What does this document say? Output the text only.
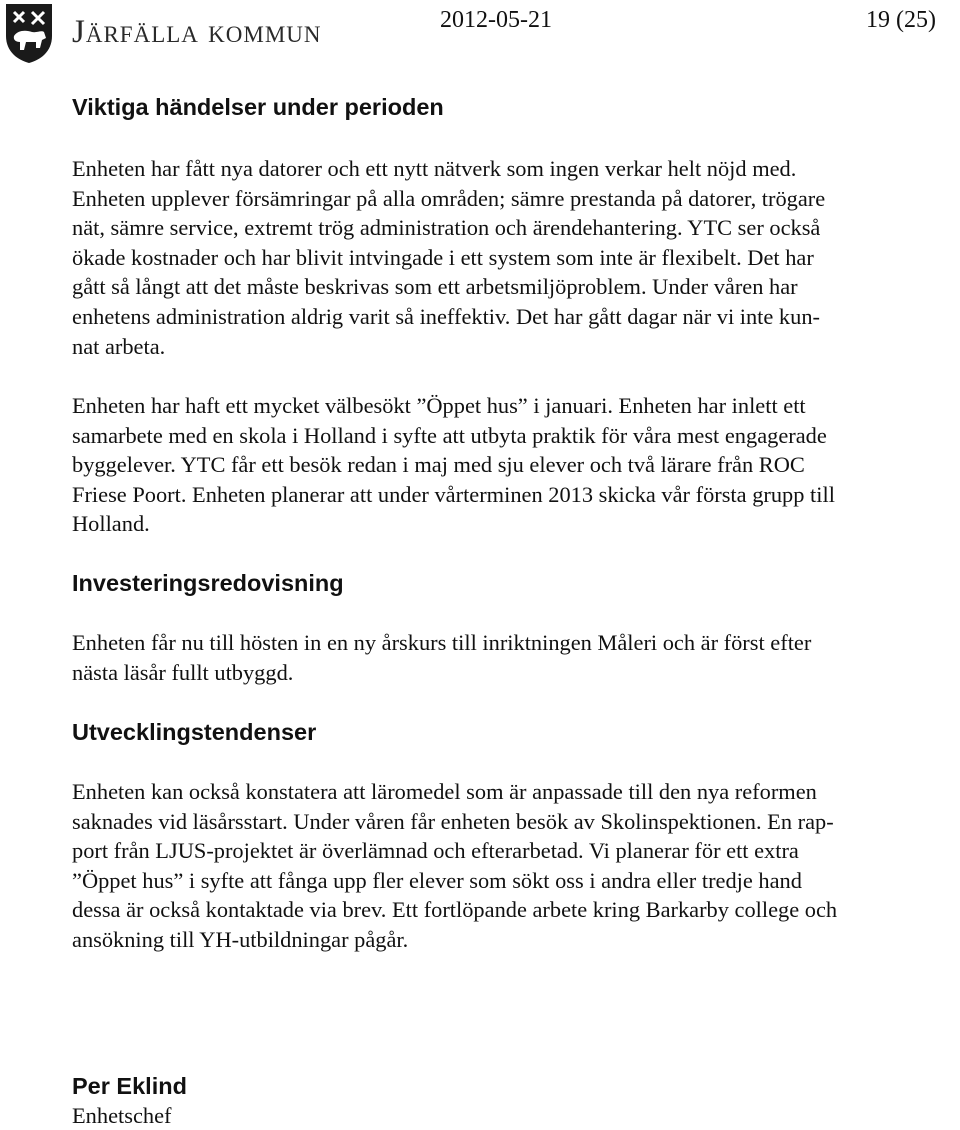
Järfälla kommun	2012-05-21	19 (25)
Viktiga händelser under perioden

Enheten har fått nya datorer och ett nytt nätverk som ingen verkar helt nöjd med.
Enheten upplever försämringar på alla områden; sämre prestanda på datorer, trögare
nät, sämre service, extremt trög administration och ärendehantering. YTC ser också
ökade kostnader och har blivit intvingade i ett system som inte är flexibelt. Det har
gått så långt att det måste beskrivas som ett arbetsmiljöproblem. Under våren har
enhetens administration aldrig varit så ineffektiv. Det har gått dagar när vi inte kun-
nat arbeta.

Enheten har haft ett mycket välbesökt ”Öppet hus” i januari. Enheten har inlett ett
samarbete med en skola i Holland i syfte att utbyta praktik för våra mest engagerade
byggelever. YTC får ett besök redan i maj med sju elever och två lärare från ROC
Friese Poort. Enheten planerar att under vårterminen 2013 skicka vår första grupp till
Holland.

Investeringsredovisning

Enheten får nu till hösten in en ny årskurs till inriktningen Måleri och är först efter
nästa läsår fullt utbyggd.

Utvecklingstendenser

Enheten kan också konstatera att läromedel som är anpassade till den nya reformen
saknades vid läsårsstart. Under våren får enheten besök av Skolinspektionen. En rap-
port från LJUS-projektet är överlämnad och efterarbetad. Vi planerar för ett extra
”Öppet hus” i syfte att fånga upp fler elever som sökt oss i andra eller tredje hand
dessa är också kontaktade via brev. Ett fortlöpande arbete kring Barkarby college och
ansökning till YH-utbildningar pågår.

Per Eklind
Enhetschef
